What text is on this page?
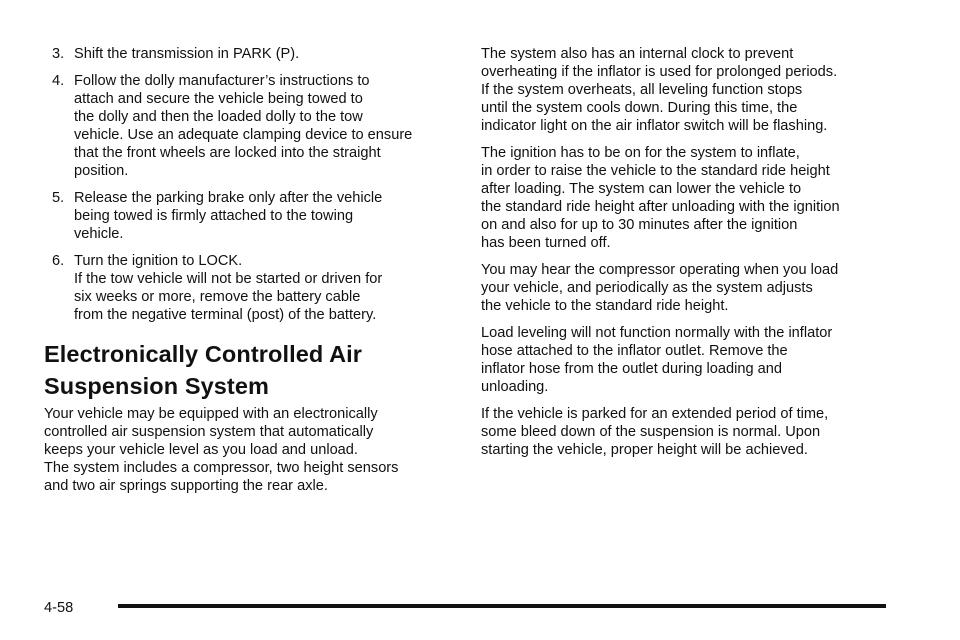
3. Shift the transmission in PARK (P).

4. Follow the dolly manufacturer’s instructions to
attach and secure the vehicle being towed to
the dolly and then the loaded dolly to the tow
vehicle. Use an adequate clamping device to ensure
that the front wheels are locked into the straight
position.

5. Release the parking brake only after the vehicle
being towed is firmly attached to the towing
vehicle.

6. Turn the ignition to LOCK.

If the tow vehicle will not be started or driven for
six weeks or more, remove the battery cable
from the negative terminal (post) of the battery.

Electronically Controlled Air
Suspension System

Your vehicle may be equipped with an electronically
controlled air suspension system that automatically
keeps your vehicle level as you load and unload.
The system includes a compressor, two height sensors
and two air springs supporting the rear axle.

The system also has an internal clock to prevent
overheating if the inflator is used for prolonged periods.
If the system overheats, all leveling function stops
until the system cools down. During this time, the
indicator light on the air inflator switch will be flashing.

The ignition has to be on for the system to inflate,
in order to raise the vehicle to the standard ride height
after loading. The system can lower the vehicle to
the standard ride height after unloading with the ignition
on and also for up to 30 minutes after the ignition
has been turned off.

You may hear the compressor operating when you load
your vehicle, and periodically as the system adjusts
the vehicle to the standard ride height.

Load leveling will not function normally with the inflator
hose attached to the inflator outlet. Remove the
inflator hose from the outlet during loading and
unloading.

If the vehicle is parked for an extended period of time,
some bleed down of the suspension is normal. Upon
starting the vehicle, proper height will be achieved.

4-58
